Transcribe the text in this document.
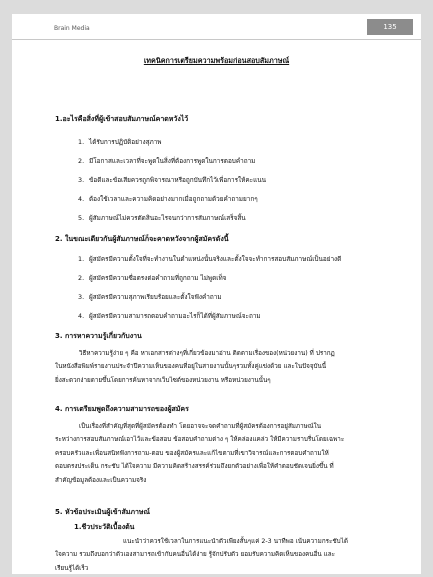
Brain Media	135
เทคนิคการเตรียมความพร้อมก่อนสอบสัมภาษณ์
1.อะไรคือสิ่งที่ผู้เข้าสอบสัมภาษณ์คาดหวังไว้
1. ได้รับการปฏิบัติอย่างสุภาพ
2. มีโอกาสและเวลาที่จะพูดในสิ่งที่ต้องการพูดในการตอบคำถาม
3. ข้อดีและข้อเสียควรถูกพิจารณาหรือถูกบันทึกไว้เพื่อการให้คะแนน
4. ต้องใช้เวลาและความคิดอย่างมากเมื่อถูกถามด้วยคำถามยากๆ
5. ผู้สัมภาษณ์ไม่ควรตัดสินอะไรจนกว่าการสัมภาษณ์เสร็จสิ้น
2. ในขณะเดียวกันผู้สัมภาษณ์ก็จะคาดหวังจากผู้สมัครดังนี้
1. ผู้สมัครมีความตั้งใจที่จะทำงานในตำแหน่งนั้นจริงและตั้งใจจะทำการสอบสัมภาษณ์เป็นอย่างดี
2. ผู้สมัครมีความซื่อตรงต่อคำถามที่ถูกถาม ไม่พูดเท็จ
3. ผู้สมัครมีความสุภาพเรียบร้อยและตั้งใจฟังคำถาม
4. ผู้สมัครมีความสามารถตอบคำถามอะไรก็ได้ที่ผู้สัมภาษณ์จะถาม
3. การหาความรู้เกี่ยวกับงาน
วิธีหาความรู้ง่าย ๆ คือ หาเอกสารต่างๆที่เกี่ยวข้องมาอ่าน ติดตามเรื่องของ(หน่วยงาน) ที่ ปรากฏ
ในหนังสือพิมพ์รายงานประจำปีความเห็นของคนที่อยู่ในสายงานนั้นๆรวมทั้งคู่แข่งด้วย และในปัจจุบันนี้
ยิ่งสะดวกง่ายดายขึ้นโดยการค้นหาจากเว็บไซต์ของหน่วยงาน หรือหน่วยงานนั้นๆ
4. การเตรียมพูดถึงความสามารถของผู้สมัคร
เป็นเรื่องที่สำคัญที่สุดที่ผู้สมัครต้องทำ โดยอาจจะจดคำถามที่ผู้สมัครต้องการอยู่สัมภาษณ์ใน
ระหว่างการสอบสัมภาษณ์เอาไว้และข้อสอบ ข้อสอบคำถามต่าง ๆ ให้คล่องแคล่ว ให้มีความราบรื่นโดยเฉพาะ
ครอบครัวและเพื่อนสนิทฟังการถาม-ตอบ ของผู้สมัครและแก้ไขตามที่เขาวิจารณ์และการตอบคำถามให้
ตอบตรงประเด็น กระชับ ได้ใจความ มีความคิดสร้างสรรค์ร่วมถึงยกตัวอย่างเพื่อให้คำตอบชัดเจนยิ่งขึ้น ที่
สำคัญข้อมูลต้องและเป็นความจริง
5. หัวข้อประเมินผู้เข้าสัมภาษณ์
1.ชีวประวัติเบื้องต้น
แนะนำว่าควรใช้เวลาในการแนะนำตัวเพียงสั้นๆแค่ 2-3 นาทีพอ เน้นความกระชับได้
ใจความ รวมถึงบอกว่าตัวเองสามารถเข้ากับคนอื่นได้ง่าย รู้จักปรับตัว ยอมรับความคิดเห็นของคนอื่น และ
เรียนรู้ได้เร็ว
